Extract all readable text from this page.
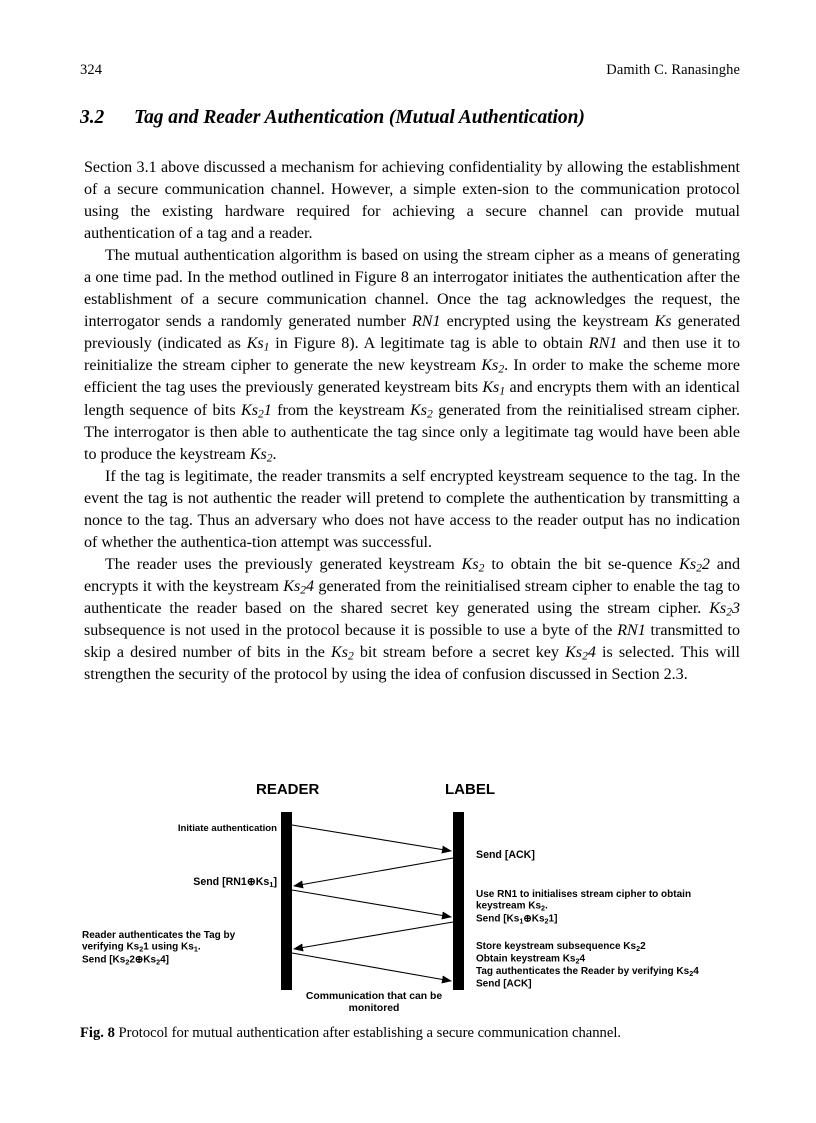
324	Damith C. Ranasinghe
3.2 Tag and Reader Authentication (Mutual Authentication)

Section 3.1 above discussed a mechanism for achieving confidentiality by allowing the establishment of a secure communication channel. However, a simple exten-sion to the communication protocol using the existing hardware required for achieving a secure channel can provide mutual authentication of a tag and a reader.

The mutual authentication algorithm is based on using the stream cipher as a means of generating a one time pad. In the method outlined in Figure 8 an interrogator initiates the authentication after the establishment of a secure communication channel. Once the tag acknowledges the request, the interrogator sends a randomly generated number RN1 encrypted using the keystream Ks generated previously (indicated as $Ks_1$ in Figure 8). A legitimate tag is able to obtain RN1 and then use it to reinitialize the stream cipher to generate the new keystream $Ks_2$. In order to make the scheme more efficient the tag uses the previously generated keystream bits $Ks_1$ and encrypts them with an identical length sequence of bits $Ks_21$ from the keystream $Ks_2$ generated from the reinitialised stream cipher. The interrogator is then able to authenticate the tag since only a legitimate tag would have been able to produce the keystream $Ks_2$.

If the tag is legitimate, the reader transmits a self encrypted keystream sequence to the tag. In the event the tag is not authentic the reader will pretend to complete the authentication by transmitting a nonce to the tag. Thus an adversary who does not have access to the reader output has no indication of whether the authentica-tion attempt was successful.

The reader uses the previously generated keystream $Ks_2$ to obtain the bit se-quence $Ks_22$ and encrypts it with the keystream $Ks_24$ generated from the reinitialised stream cipher to enable the tag to authenticate the reader based on the shared secret key generated using the stream cipher. $Ks_23$ subsequence is not used in the protocol because it is possible to use a byte of the RN1 transmitted to skip a desired number of bits in the $Ks_2$ bit stream before a secret key $Ks_24$ is selected. This will strengthen the security of the protocol by using the idea of confusion discussed in Section 2.3.

READER	LABEL
Initiate authentication
Send $[RN1\oplus Ks_1]$
Reader authenticates the Tag by verifying $Ks_21$ using $Ks_1$. Send $[Ks_22\oplus Ks_24]$
Send [ACK]
Use RN1 to initialises stream cipher to obtain keystream $Ks_2$. Send $[Ks_1\oplus Ks_21]$
Store keystream subsequence $Ks_22$ Obtain keystream $Ks_24$ Tag authenticates the Reader by verifying $Ks_24$ Send [ACK]
Communication that can be
monitored
Fig. 8 Protocol for mutual authentication after establishing a secure communication channel.
